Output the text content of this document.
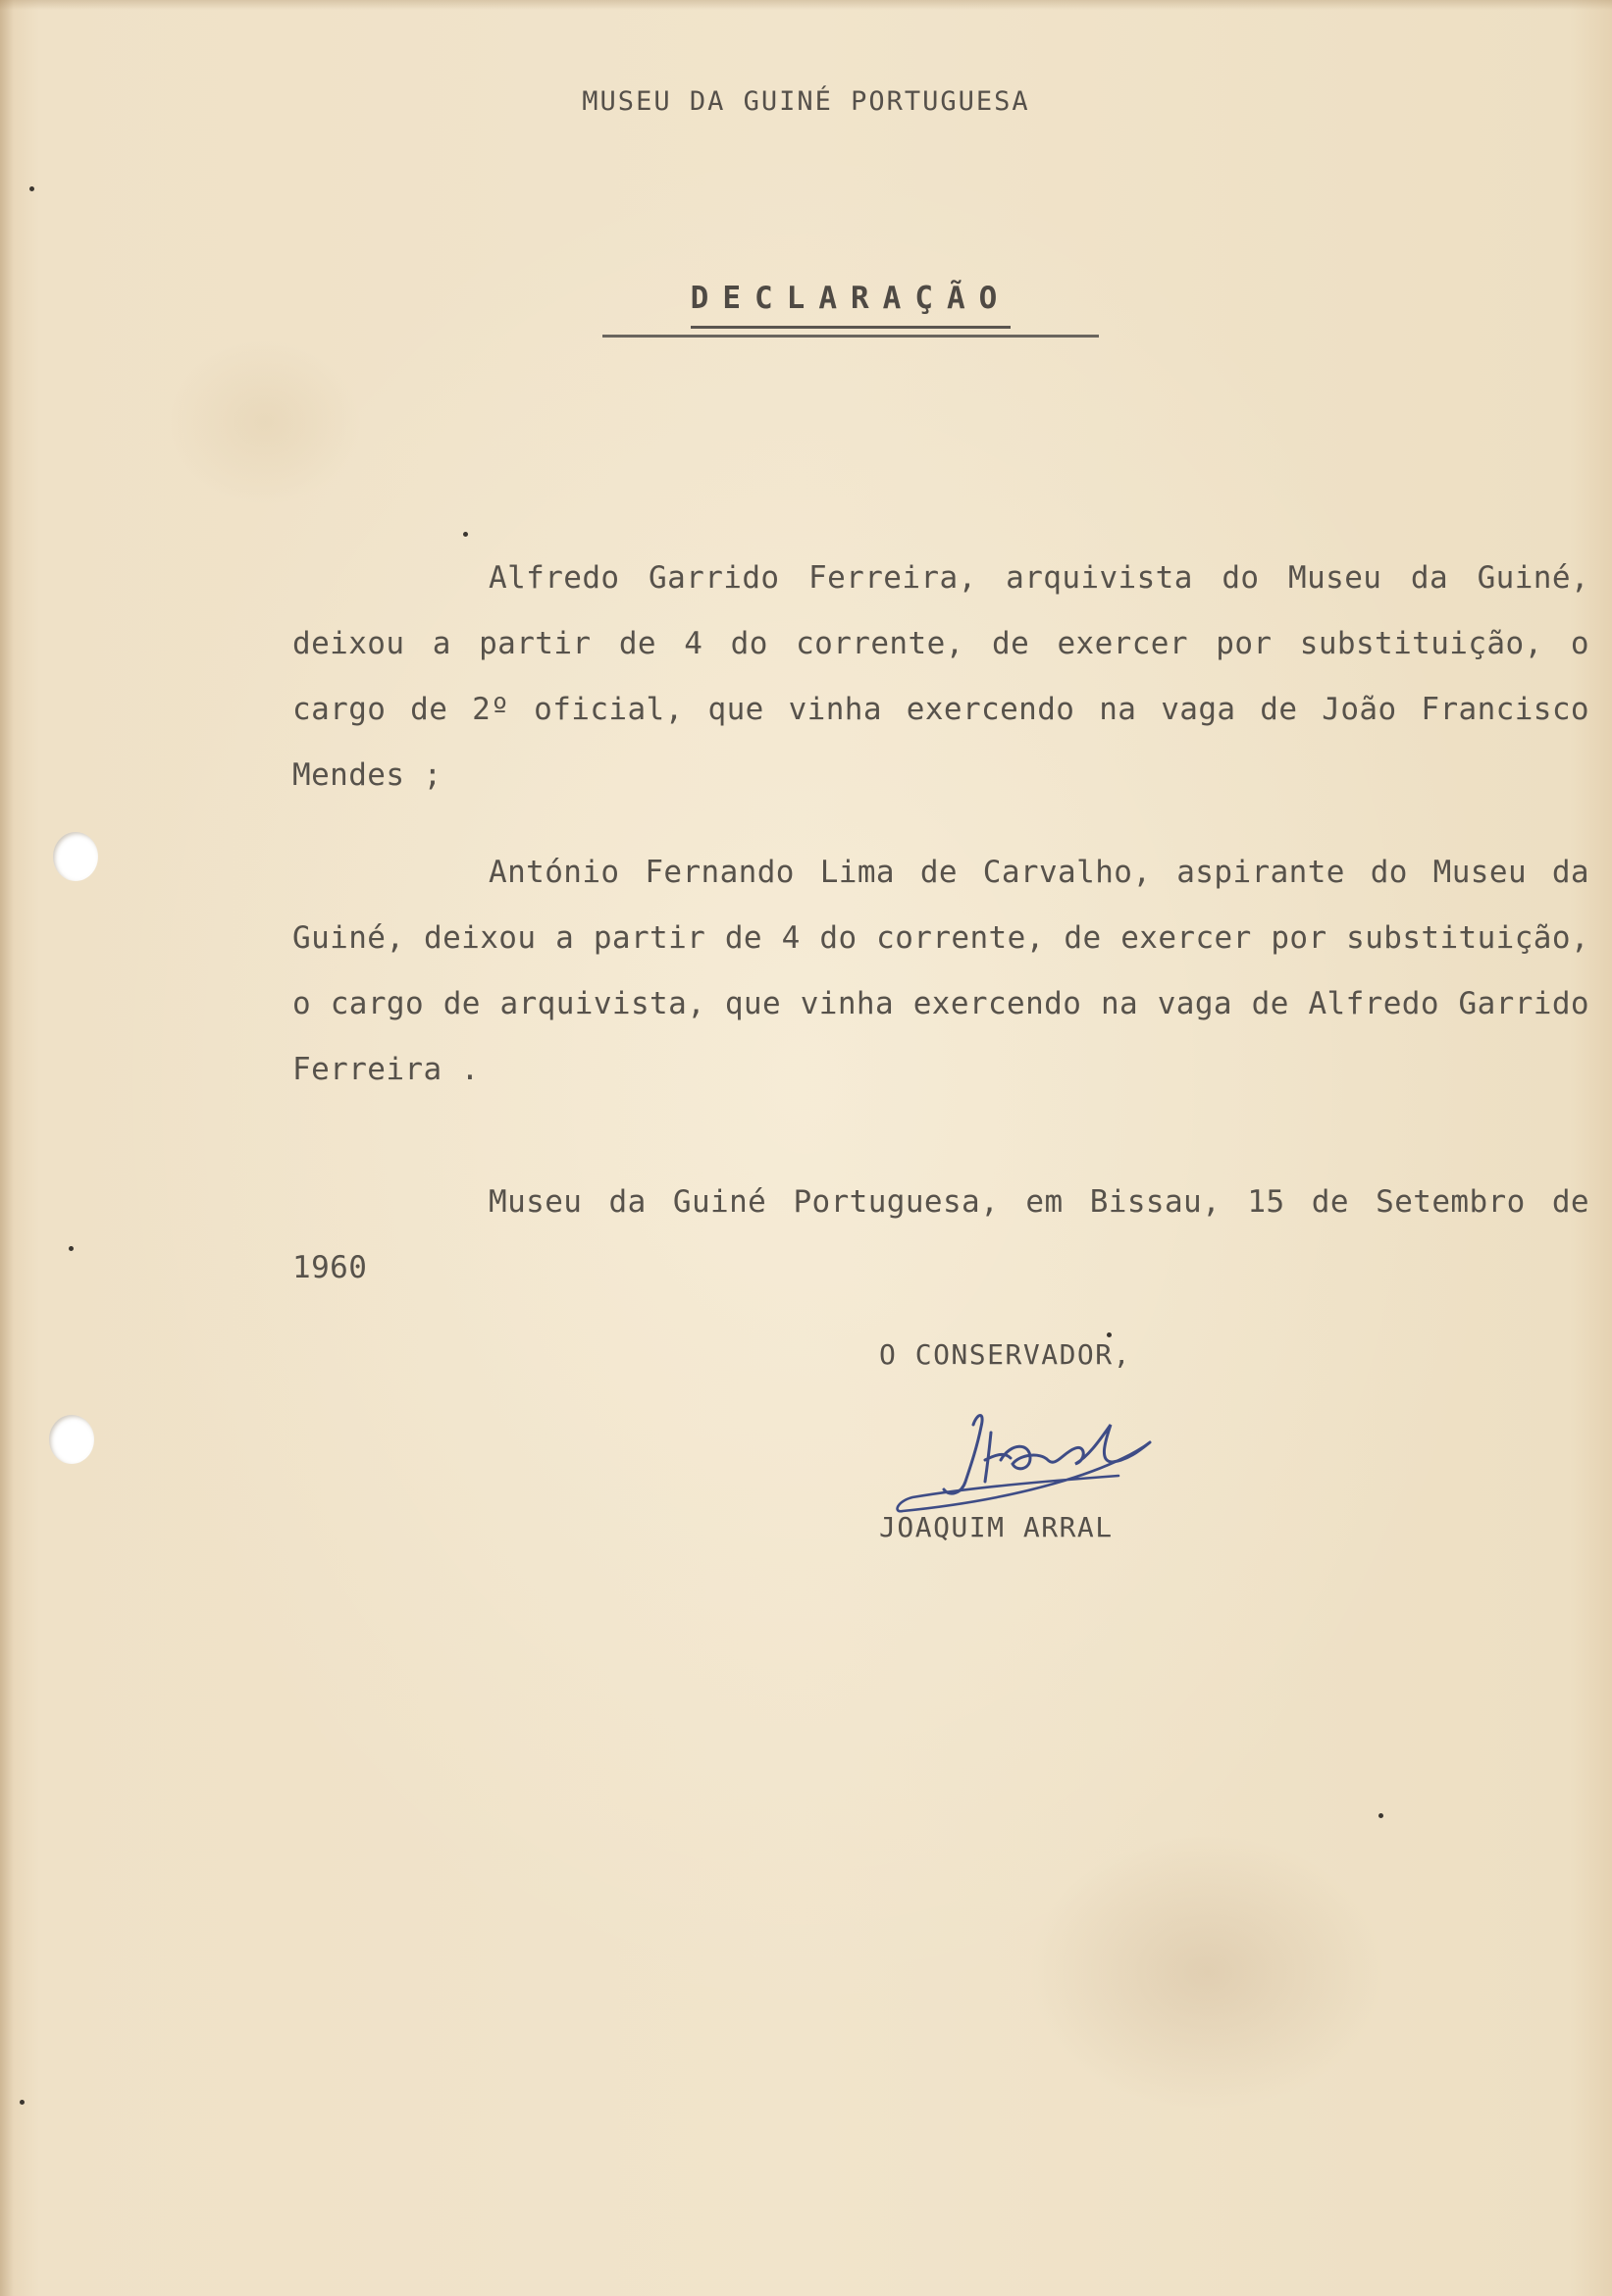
MUSEU DA GUINÉ PORTUGUESA
DECLARAÇÃO
Alfredo Garrido Ferreira, arquivista do Museu da Guiné, deixou a partir de 4 do corrente, de exercer por substituição, o cargo de 2º oficial, que vinha exercendo na vaga de João Francisco Mendes ;
António Fernando Lima de Carvalho, aspirante do Museu da Guiné, deixou a partir de 4 do corrente, de exercer por substituição, o cargo de arquivista, que vinha exercendo na vaga de Alfredo Garrido Ferreira .
Museu da Guiné Portuguesa, em Bissau, 15 de Setembro de 1960
O CONSERVADOR,
JOAQUIM ARRAL
